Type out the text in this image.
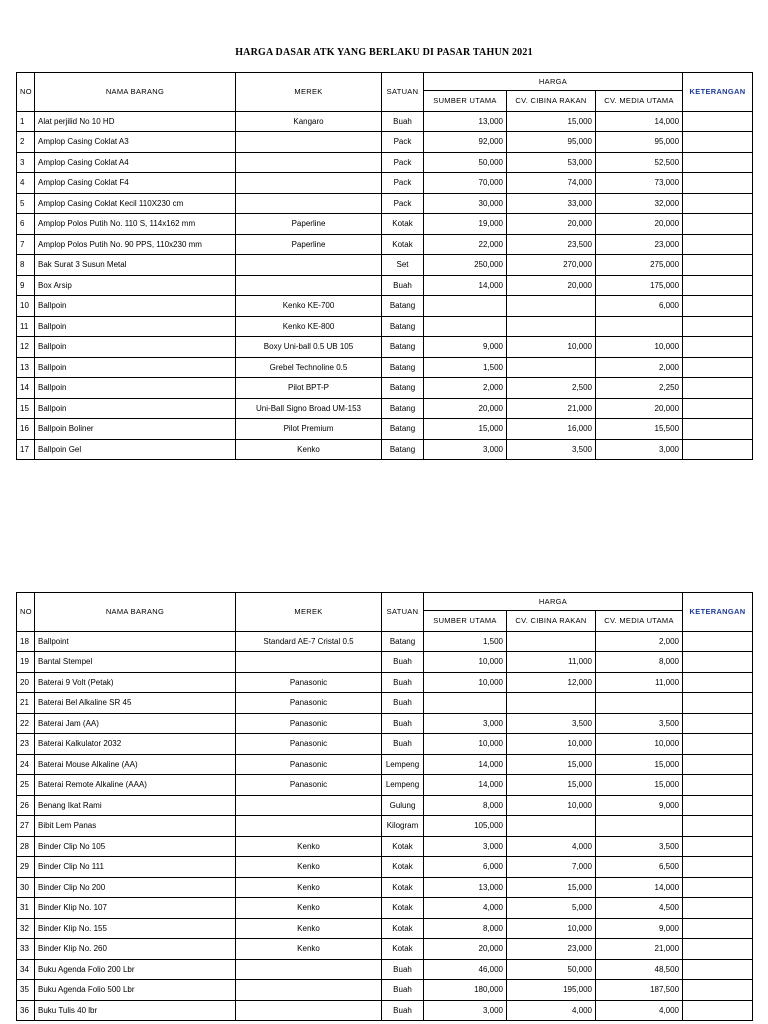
HARGA DASAR ATK YANG BERLAKU DI PASAR TAHUN 2021
NO	NAMA BARANG	MEREK	SATUAN	HARGA			KETERANGAN
				SUMBER UTAMA	CV. CIBINA RAKAN	CV. MEDIA UTAMA	
1	Alat perjilid No 10 HD	Kangaro	Buah	13,000	15,000	14,000	
2	Amplop Casing Coklat A3		Pack	92,000	95,000	95,000	
3	Amplop Casing Coklat A4		Pack	50,000	53,000	52,500	
4	Amplop Casing Coklat F4		Pack	70,000	74,000	73,000	
5	Amplop Casing Coklat Kecil 110X230 cm		Pack	30,000	33,000	32,000	
6	Amplop Polos Putih No. 110 S, 114x162 mm	Paperline	Kotak	19,000	20,000	20,000	
7	Amplop Polos Putih No. 90 PPS, 110x230 mm	Paperline	Kotak	22,000	23,500	23,000	
8	Bak Surat 3 Susun Metal		Set	250,000	270,000	275,000	
9	Box Arsip		Buah	14,000	20,000	175,000	
10	Ballpoin	Kenko KE-700	Batang			6,000	
11	Ballpoin	Kenko KE-800	Batang				
12	Ballpoin	Boxy Uni-ball 0.5 UB 105	Batang	9,000	10,000	10,000	
13	Ballpoin	Grebel Technoline 0.5	Batang	1,500		2,000	
14	Ballpoin	Pilot BPT-P	Batang	2,000	2,500	2,250	
15	Ballpoin	Uni-Ball Signo Broad UM-153	Batang	20,000	21,000	20,000	
16	Ballpoin Boliner	Pilot Premium	Batang	15,000	16,000	15,500	
17	Ballpoin Gel	Kenko	Batang	3,000	3,500	3,000	
NO	NAMA BARANG	MEREK	SATUAN	HARGA			KETERANGAN
				SUMBER UTAMA	CV. CIBINA RAKAN	CV. MEDIA UTAMA	
18	Ballpoint	Standard AE-7 Cristal 0.5	Batang	1,500		2,000	
19	Bantal Stempel		Buah	10,000	11,000	8,000	
20	Baterai 9 Volt (Petak)	Panasonic	Buah	10,000	12,000	11,000	
21	Baterai Bel Alkaline SR 45	Panasonic	Buah				
22	Baterai Jam (AA)	Panasonic	Buah	3,000	3,500	3,500	
23	Baterai Kalkulator 2032	Panasonic	Buah	10,000	10,000	10,000	
24	Baterai Mouse Alkaline (AA)	Panasonic	Lempeng	14,000	15,000	15,000	
25	Baterai Remote Alkaline (AAA)	Panasonic	Lempeng	14,000	15,000	15,000	
26	Benang Ikat Rami		Gulung	8,000	10,000	9,000	
27	Bibit Lem Panas		Kilogram	105,000			
28	Binder Clip No 105	Kenko	Kotak	3,000	4,000	3,500	
29	Binder Clip No 111	Kenko	Kotak	6,000	7,000	6,500	
30	Binder Clip No 200	Kenko	Kotak	13,000	15,000	14,000	
31	Binder Klip No. 107	Kenko	Kotak	4,000	5,000	4,500	
32	Binder Klip No. 155	Kenko	Kotak	8,000	10,000	9,000	
33	Binder Klip No. 260	Kenko	Kotak	20,000	23,000	21,000	
34	Buku Agenda Folio 200 Lbr		Buah	46,000	50,000	48,500	
35	Buku Agenda Folio 500 Lbr		Buah	180,000	195,000	187,500	
36	Buku Tulis 40 lbr		Buah	3,000	4,000	4,000	
